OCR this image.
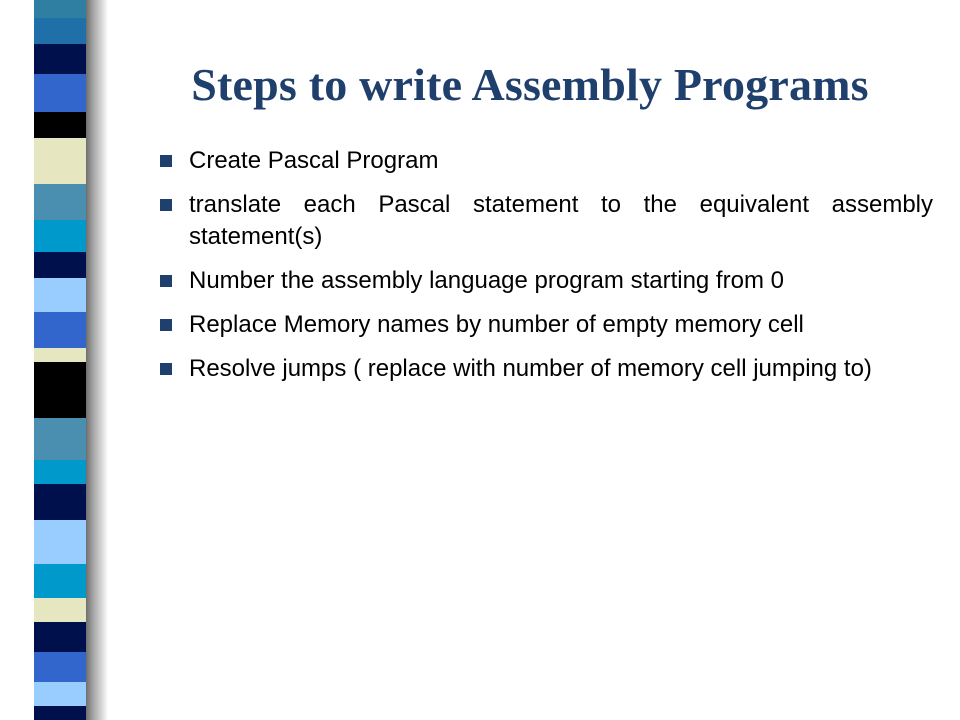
Steps to write Assembly Programs
Create Pascal Program
translate each Pascal statement to the equivalent assembly statement(s)
Number the assembly language program starting from 0
Replace Memory names by number of empty memory cell
Resolve jumps ( replace with number of memory cell jumping to)
